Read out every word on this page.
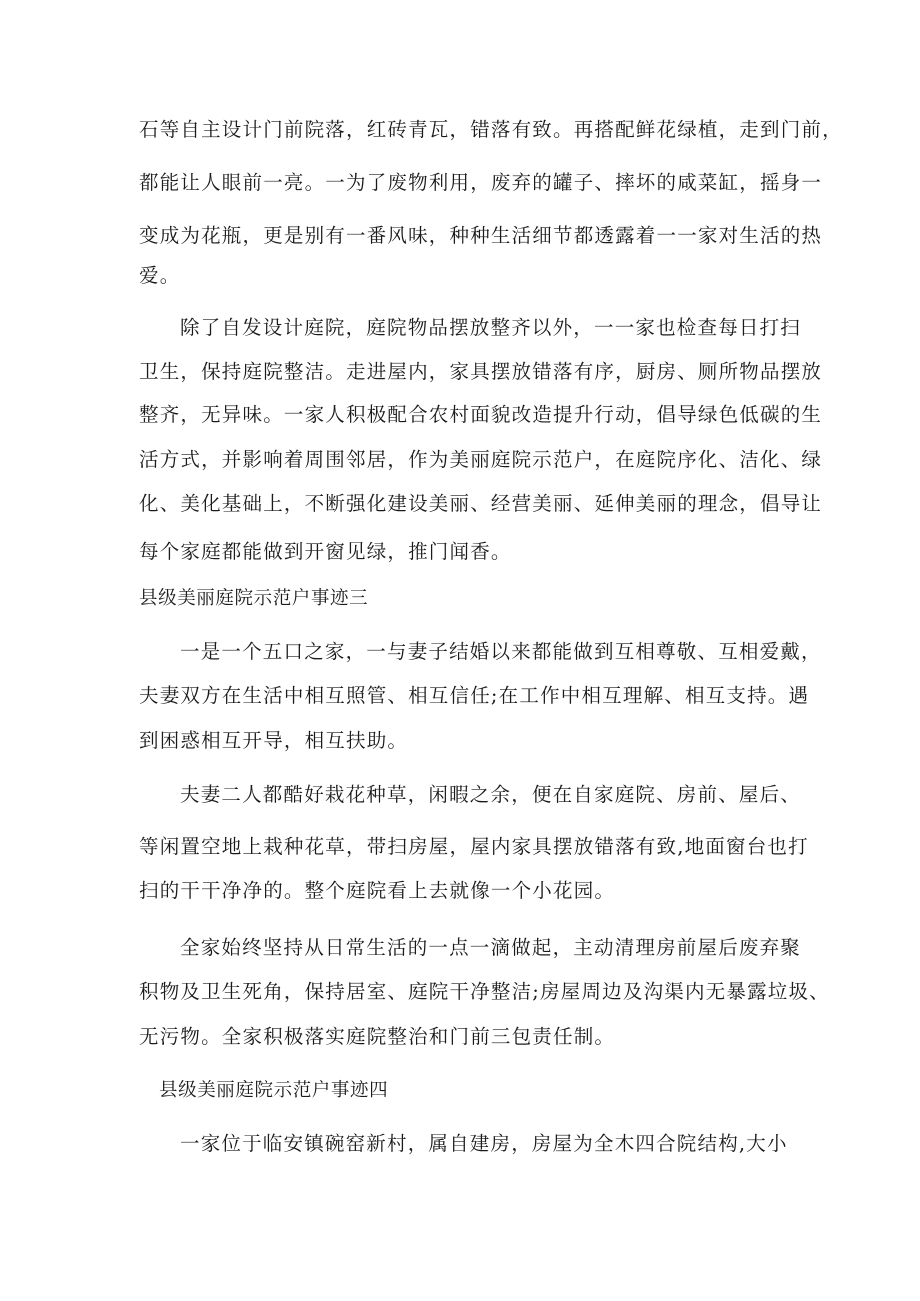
石等自主设计门前院落，红砖青瓦，错落有致。再搭配鲜花绿植，走到门前，
都能让人眼前一亮。一为了废物利用，废弃的罐子、摔坏的咸菜缸，摇身一
变成为花瓶，更是别有一番风味，种种生活细节都透露着一一家对生活的热
爱。
除了自发设计庭院，庭院物品摆放整齐以外，一一家也检查每日打扫
卫生，保持庭院整洁。走进屋内，家具摆放错落有序，厨房、厕所物品摆放
整齐，无异味。一家人积极配合农村面貌改造提升行动，倡导绿色低碳的生
活方式，并影响着周围邻居，作为美丽庭院示范户，在庭院序化、洁化、绿
化、美化基础上，不断强化建设美丽、经营美丽、延伸美丽的理念，倡导让
每个家庭都能做到开窗见绿，推门闻香。
县级美丽庭院示范户事迹三
一是一个五口之家，一与妻子结婚以来都能做到互相尊敬、互相爱戴，
夫妻双方在生活中相互照管、相互信任;在工作中相互理解、相互支持。遇
到困惑相互开导，相互扶助。
夫妻二人都酷好栽花种草，闲暇之余，便在自家庭院、房前、屋后、
等闲置空地上栽种花草，带扫房屋，屋内家具摆放错落有致,地面窗台也打
扫的干干净净的。整个庭院看上去就像一个小花园。
全家始终坚持从日常生活的一点一滴做起，主动清理房前屋后废弃聚
积物及卫生死角，保持居室、庭院干净整洁;房屋周边及沟渠内无暴露垃圾、
无污物。全家积极落实庭院整治和门前三包责任制。
县级美丽庭院示范户事迹四
一家位于临安镇碗窑新村，属自建房，房屋为全木四合院结构,大小
